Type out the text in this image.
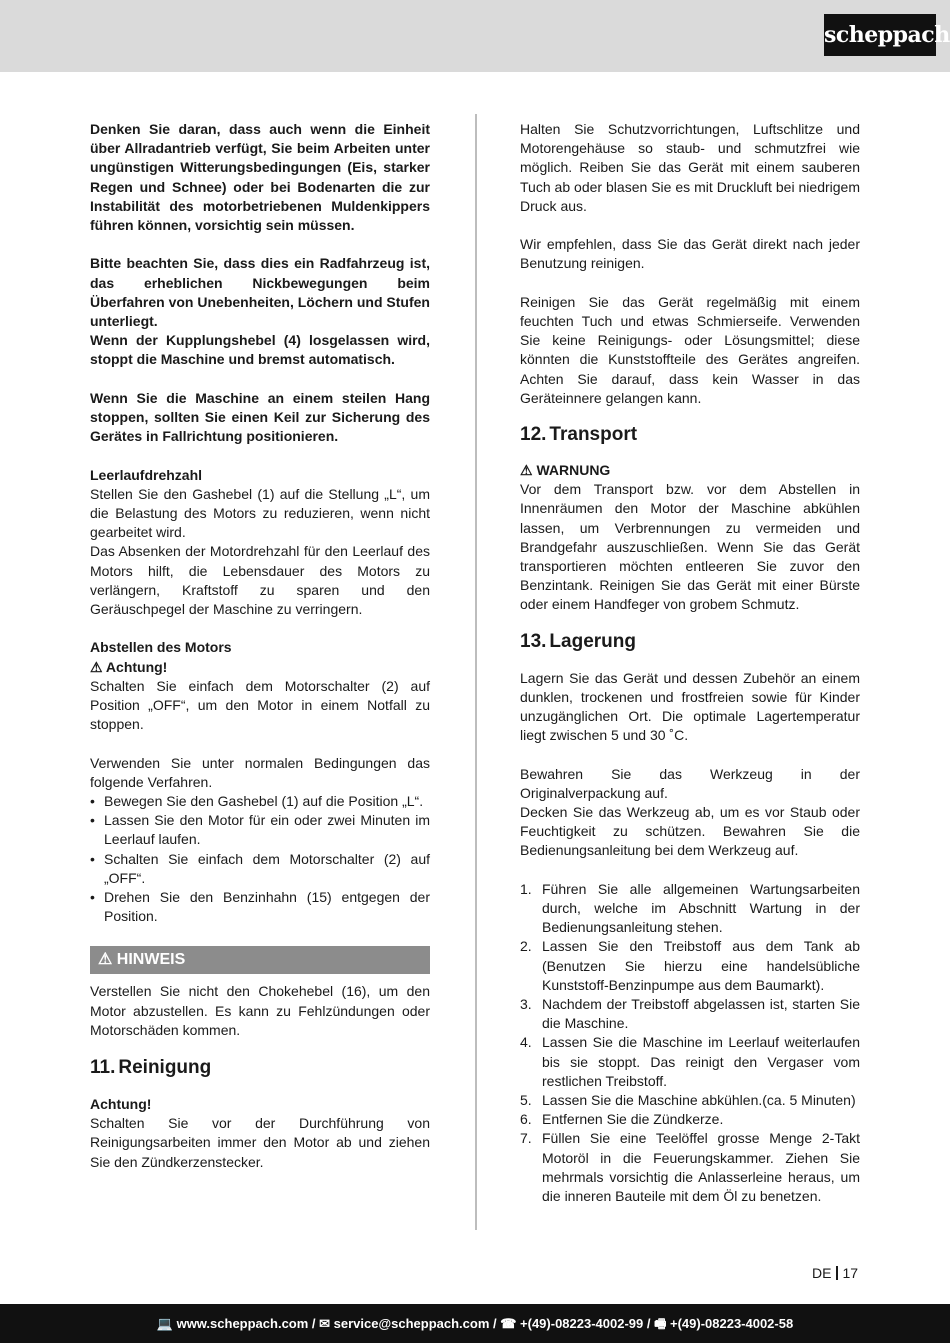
scheppach
Denken Sie daran, dass auch wenn die Einheit über Allradantrieb verfügt, Sie beim Arbeiten unter ungünstigen Witterungsbedingungen (Eis, starker Regen und Schnee) oder bei Bodenarten die zur Instabilität des motorbetriebenen Muldenkippers führen können, vorsichtig sein müssen.
Bitte beachten Sie, dass dies ein Radfahrzeug ist, das erheblichen Nickbewegungen beim Überfahren von Unebenheiten, Löchern und Stufen unterliegt.
Wenn der Kupplungshebel (4) losgelassen wird, stoppt die Maschine und bremst automatisch.
Wenn Sie die Maschine an einem steilen Hang stoppen, sollten Sie einen Keil zur Sicherung des Gerätes in Fallrichtung positionieren.
Leerlaufdrehzahl
Stellen Sie den Gashebel (1) auf die Stellung „L“, um die Belastung des Motors zu reduzieren, wenn nicht gearbeitet wird.
Das Absenken der Motordrehzahl für den Leerlauf des Motors hilft, die Lebensdauer des Motors zu verlängern, Kraftstoff zu sparen und den Geräuschpegel der Maschine zu verringern.
Abstellen des Motors
⚠ Achtung!
Schalten Sie einfach dem Motorschalter (2) auf Position „OFF“, um den Motor in einem Notfall zu stoppen.
Verwenden Sie unter normalen Bedingungen das folgende Verfahren.
• Bewegen Sie den Gashebel (1) auf die Position „L“.
• Lassen Sie den Motor für ein oder zwei Minuten im Leerlauf laufen.
• Schalten Sie einfach dem Motorschalter (2) auf „OFF“.
• Drehen Sie den Benzinhahn (15) entgegen der Position.
⚠ HINWEIS
Verstellen Sie nicht den Chokehebel (16), um den Motor abzustellen. Es kann zu Fehlzündungen oder Motorschäden kommen.
11. Reinigung
Achtung!
Schalten Sie vor der Durchführung von Reinigungsarbeiten immer den Motor ab und ziehen Sie den Zündkerzenstecker.
Halten Sie Schutzvorrichtungen, Luftschlitze und Motorengehäuse so staub- und schmutzfrei wie möglich. Reiben Sie das Gerät mit einem sauberen Tuch ab oder blasen Sie es mit Druckluft bei niedrigem Druck aus.
Wir empfehlen, dass Sie das Gerät direkt nach jeder Benutzung reinigen.
Reinigen Sie das Gerät regelmäßig mit einem feuchten Tuch und etwas Schmierseife. Verwenden Sie keine Reinigungs- oder Lösungsmittel; diese könnten die Kunststoffteile des Gerätes angreifen. Achten Sie darauf, dass kein Wasser in das Geräteinnere gelangen kann.
12. Transport
⚠ WARNUNG
Vor dem Transport bzw. vor dem Abstellen in Innenräumen den Motor der Maschine abkühlen lassen, um Verbrennungen zu vermeiden und Brandgefahr auszuschließen. Wenn Sie das Gerät transportieren möchten entleeren Sie zuvor den Benzintank. Reinigen Sie das Gerät mit einer Bürste oder einem Handfeger von grobem Schmutz.
13. Lagerung
Lagern Sie das Gerät und dessen Zubehör an einem dunklen, trockenen und frostfreien sowie für Kinder unzugänglichen Ort. Die optimale Lagertemperatur liegt zwischen 5 und 30 ˚C.
Bewahren Sie das Werkzeug in der Originalverpackung auf.
Decken Sie das Werkzeug ab, um es vor Staub oder Feuchtigkeit zu schützen. Bewahren Sie die Bedienungsanleitung bei dem Werkzeug auf.
1. Führen Sie alle allgemeinen Wartungsarbeiten durch, welche im Abschnitt Wartung in der Bedienungsanleitung stehen.
2. Lassen Sie den Treibstoff aus dem Tank ab (Benutzen Sie hierzu eine handelsübliche Kunststoff-Benzinpumpe aus dem Baumarkt).
3. Nachdem der Treibstoff abgelassen ist, starten Sie die Maschine.
4. Lassen Sie die Maschine im Leerlauf weiterlaufen bis sie stoppt. Das reinigt den Vergaser vom restlichen Treibstoff.
5. Lassen Sie die Maschine abkühlen.(ca. 5 Minuten)
6. Entfernen Sie die Zündkerze.
7. Füllen Sie eine Teelöffel grosse Menge 2-Takt Motoröl in die Feuerungskammer. Ziehen Sie mehrmals vorsichtig die Anlasserleine heraus, um die inneren Bauteile mit dem Öl zu benetzen.
DE 17
💻 www.scheppach.com / ✉ service@scheppach.com / ☎ +(49)-08223-4002-99 / 🖷 +(49)-08223-4002-58
